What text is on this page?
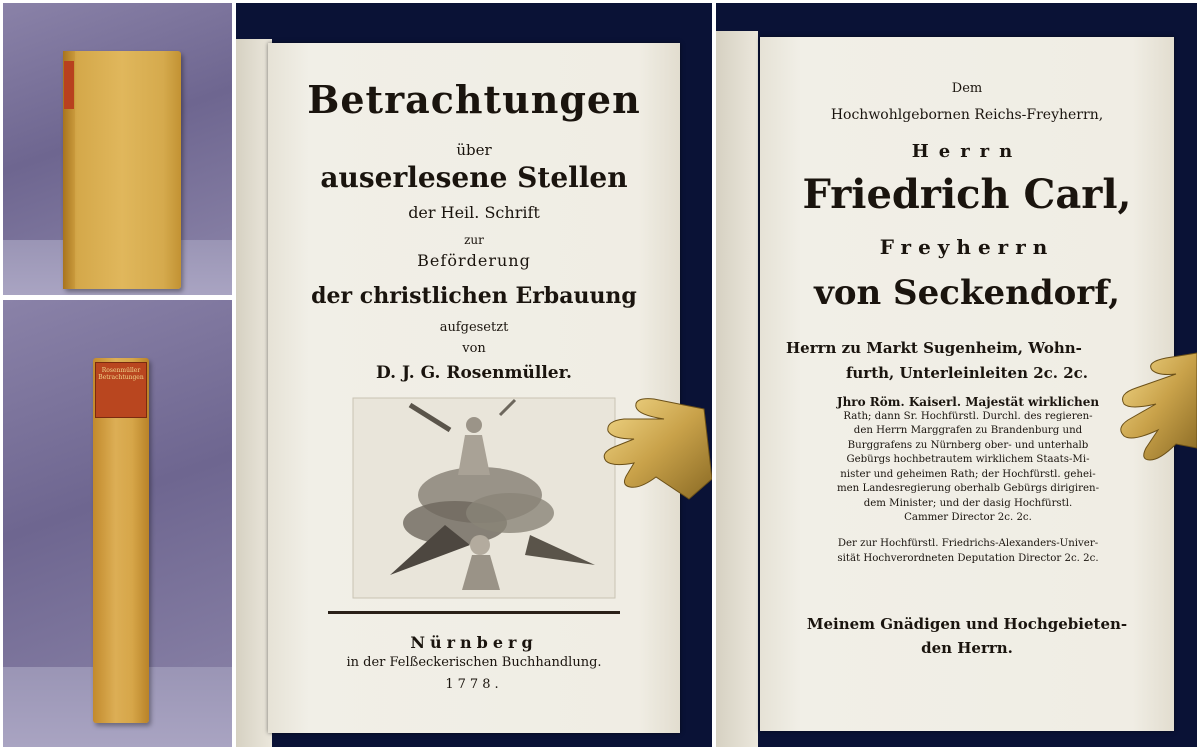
Rosenmüller Betrachtungen
Betrachtungen
über
auserlesene Stellen
der Heil. Schrift
zur
Beförderung
der christlichen Erbauung
aufgesetzt
von
D. J. G. Rosenmüller.
Nürnberg
in der Felßeckerischen Buchhandlung.
1778.
Dem
Hochwohlgebornen Reichs-Freyherrn,
Herrn
Friedrich Carl,
Freyherrn
von Seckendorf,
Herrn zu Markt Sugenheim, Wohn-
furth, Unterleinleiten 2c. 2c.
Jhro Röm. Kaiserl. Majestät wirklichen
Rath; dann Sr. Hochfürstl. Durchl. des regieren-
den Herrn Marggrafen zu Brandenburg und
Burggrafens zu Nürnberg ober- und unterhalb
Gebürgs hochbetrautem wirklichem Staats-Mi-
nister und geheimen Rath; der Hochfürstl. gehei-
men Landesregierung oberhalb Gebürgs dirigiren-
dem Minister; und der dasig Hochfürstl.
Cammer Director 2c. 2c.
Der zur Hochfürstl. Friedrichs-Alexanders-Univer-
sität Hochverordneten Deputation Director 2c. 2c.
Meinem Gnädigen und Hochgebieten-
den Herrn.
